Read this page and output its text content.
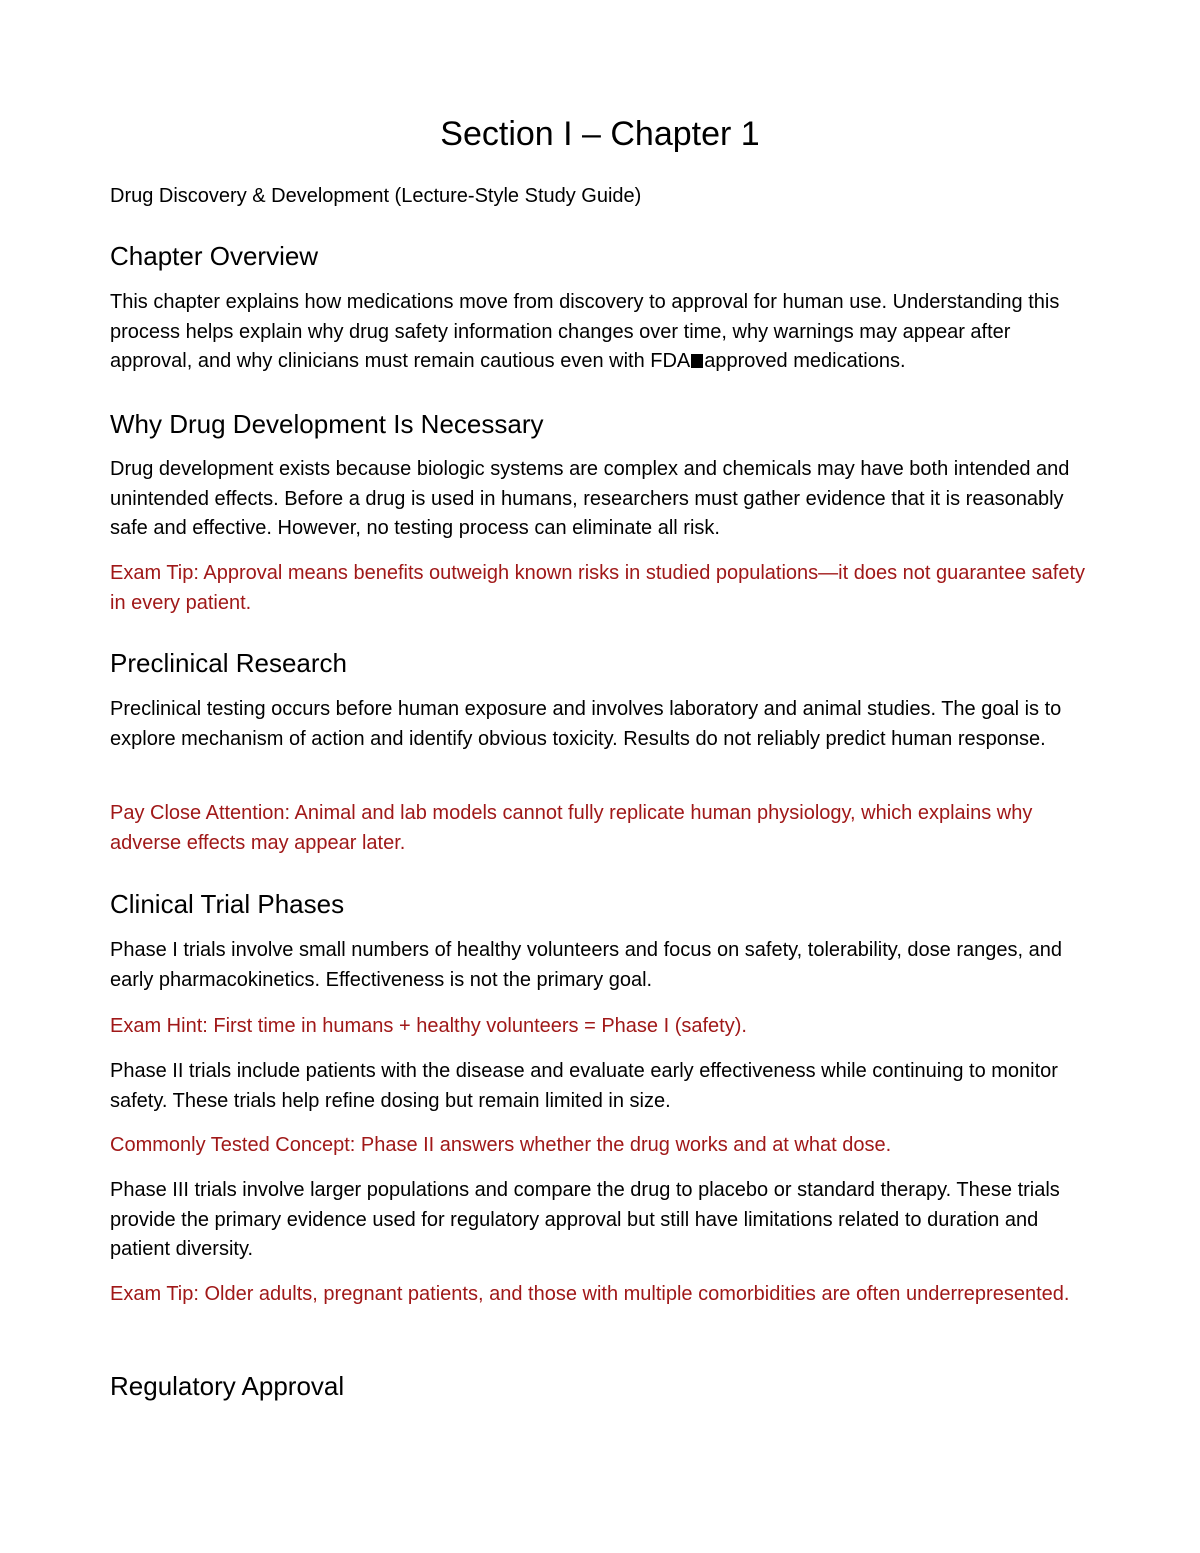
Section I – Chapter 1

Drug Discovery & Development (Lecture-Style Study Guide)

Chapter Overview

This chapter explains how medications move from discovery to approval for human use. Understanding this process helps explain why drug safety information changes over time, why warnings may appear after approval, and why clinicians must remain cautious even with FDA approved medications.

Why Drug Development Is Necessary

Drug development exists because biologic systems are complex and chemicals may have both intended and unintended effects. Before a drug is used in humans, researchers must gather evidence that it is reasonably safe and effective. However, no testing process can eliminate all risk.

Exam Tip: Approval means benefits outweigh known risks in studied populations—it does not guarantee safety in every patient.

Preclinical Research

Preclinical testing occurs before human exposure and involves laboratory and animal studies. The goal is to explore mechanism of action and identify obvious toxicity. Results do not reliably predict human response.

Pay Close Attention: Animal and lab models cannot fully replicate human physiology, which explains why adverse effects may appear later.

Clinical Trial Phases

Phase I trials involve small numbers of healthy volunteers and focus on safety, tolerability, dose ranges, and early pharmacokinetics. Effectiveness is not the primary goal.

Exam Hint: First time in humans + healthy volunteers = Phase I (safety).

Phase II trials include patients with the disease and evaluate early effectiveness while continuing to monitor safety. These trials help refine dosing but remain limited in size.

Commonly Tested Concept: Phase II answers whether the drug works and at what dose.

Phase III trials involve larger populations and compare the drug to placebo or standard therapy. These trials provide the primary evidence used for regulatory approval but still have limitations related to duration and patient diversity.

Exam Tip: Older adults, pregnant patients, and those with multiple comorbidities are often underrepresented.

Regulatory Approval
